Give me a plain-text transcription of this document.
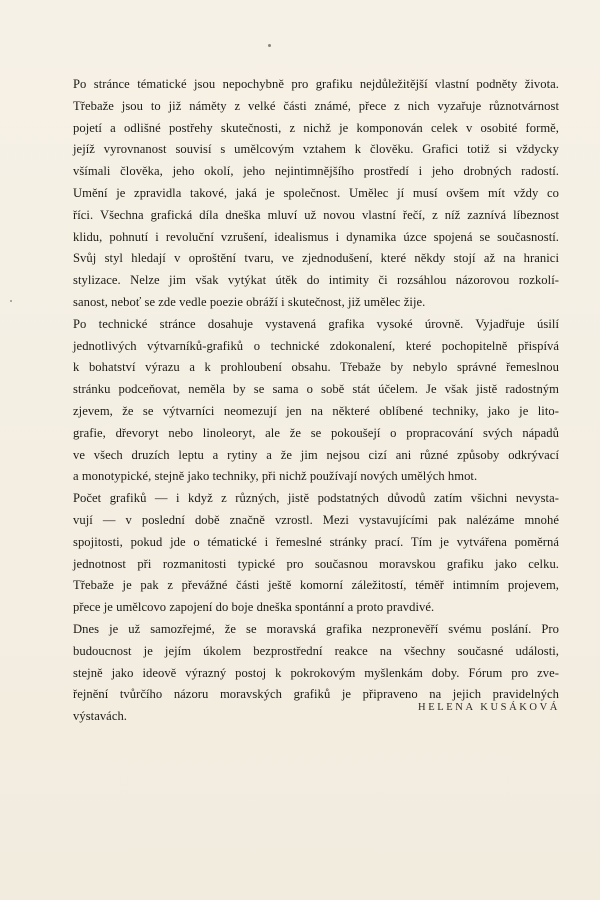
Po stránce tématické jsou nepochybně pro grafiku nejdůležitější vlastní podněty života.
Třebaže jsou to již náměty z velké části známé, přece z nich vyzařuje různotvárnost
pojetí a odlišné postřehy skutečnosti, z nichž je komponován celek v osobité formě,
jejíž vyrovnanost souvisí s umělcovým vztahem k člověku. Grafici totiž si vždycky
všímali člověka, jeho okolí, jeho nejintimnějšího prostředí i jeho drobných radostí.
Umění je zpravidla takové, jaká je společnost. Umělec jí musí ovšem mít vždy co
říci. Všechna grafická díla dneška mluví už novou vlastní řečí, z níž zaznívá líbeznost
klidu, pohnutí i revoluční vzrušení, idealismus i dynamika úzce spojená se současností.
Svůj styl hledají v oproštění tvaru, ve zjednodušení, které někdy stojí až na hranici
stylizace. Nelze jim však vytýkat útěk do intimity či rozsáhlou názorovou rozkolí-
sanost, neboť se zde vedle poezie obráží i skutečnost, již umělec žije.
Po technické stránce dosahuje vystavená grafika vysoké úrovně. Vyjadřuje úsilí
jednotlivých výtvarníků-grafiků o technické zdokonalení, které pochopitelně přispívá
k bohatství výrazu a k prohloubení obsahu. Třebaže by nebylo správné řemeslnou
stránku podceňovat, neměla by se sama o sobě stát účelem. Je však jistě radostným
zjevem, že se výtvarníci neomezují jen na některé oblíbené techniky, jako je lito-
grafie, dřevoryt nebo linoleoryt, ale že se pokoušejí o propracování svých nápadů
ve všech druzích leptu a rytiny a že jim nejsou cizí ani různé způsoby odkrývací
a monotypické, stejně jako techniky, při nichž používají nových umělých hmot.
Počet grafiků — i když z různých, jistě podstatných důvodů zatím všichni nevysta-
vují — v poslední době značně vzrostl. Mezi vystavujícími pak nalézáme mnohé
spojitosti, pokud jde o tématické i řemeslné stránky prací. Tím je vytvářena poměrná
jednotnost při rozmanitosti typické pro současnou moravskou grafiku jako celku.
Třebaže je pak z převážné části ještě komorní záležitostí, téměř intimním projevem,
přece je umělcovo zapojení do boje dneška spontánní a proto pravdivé.
Dnes je už samozřejmé, že se moravská grafika nezpronevěří svému poslání. Pro
budoucnost je jejím úkolem bezprostřední reakce na všechny současné události,
stejně jako ideově výrazný postoj k pokrokovým myšlenkám doby. Fórum pro zve-
řejnění tvůrčího názoru moravských grafiků je připraveno na jejich pravidelných
výstavách.
HELENA KUSÁKOVÁ
